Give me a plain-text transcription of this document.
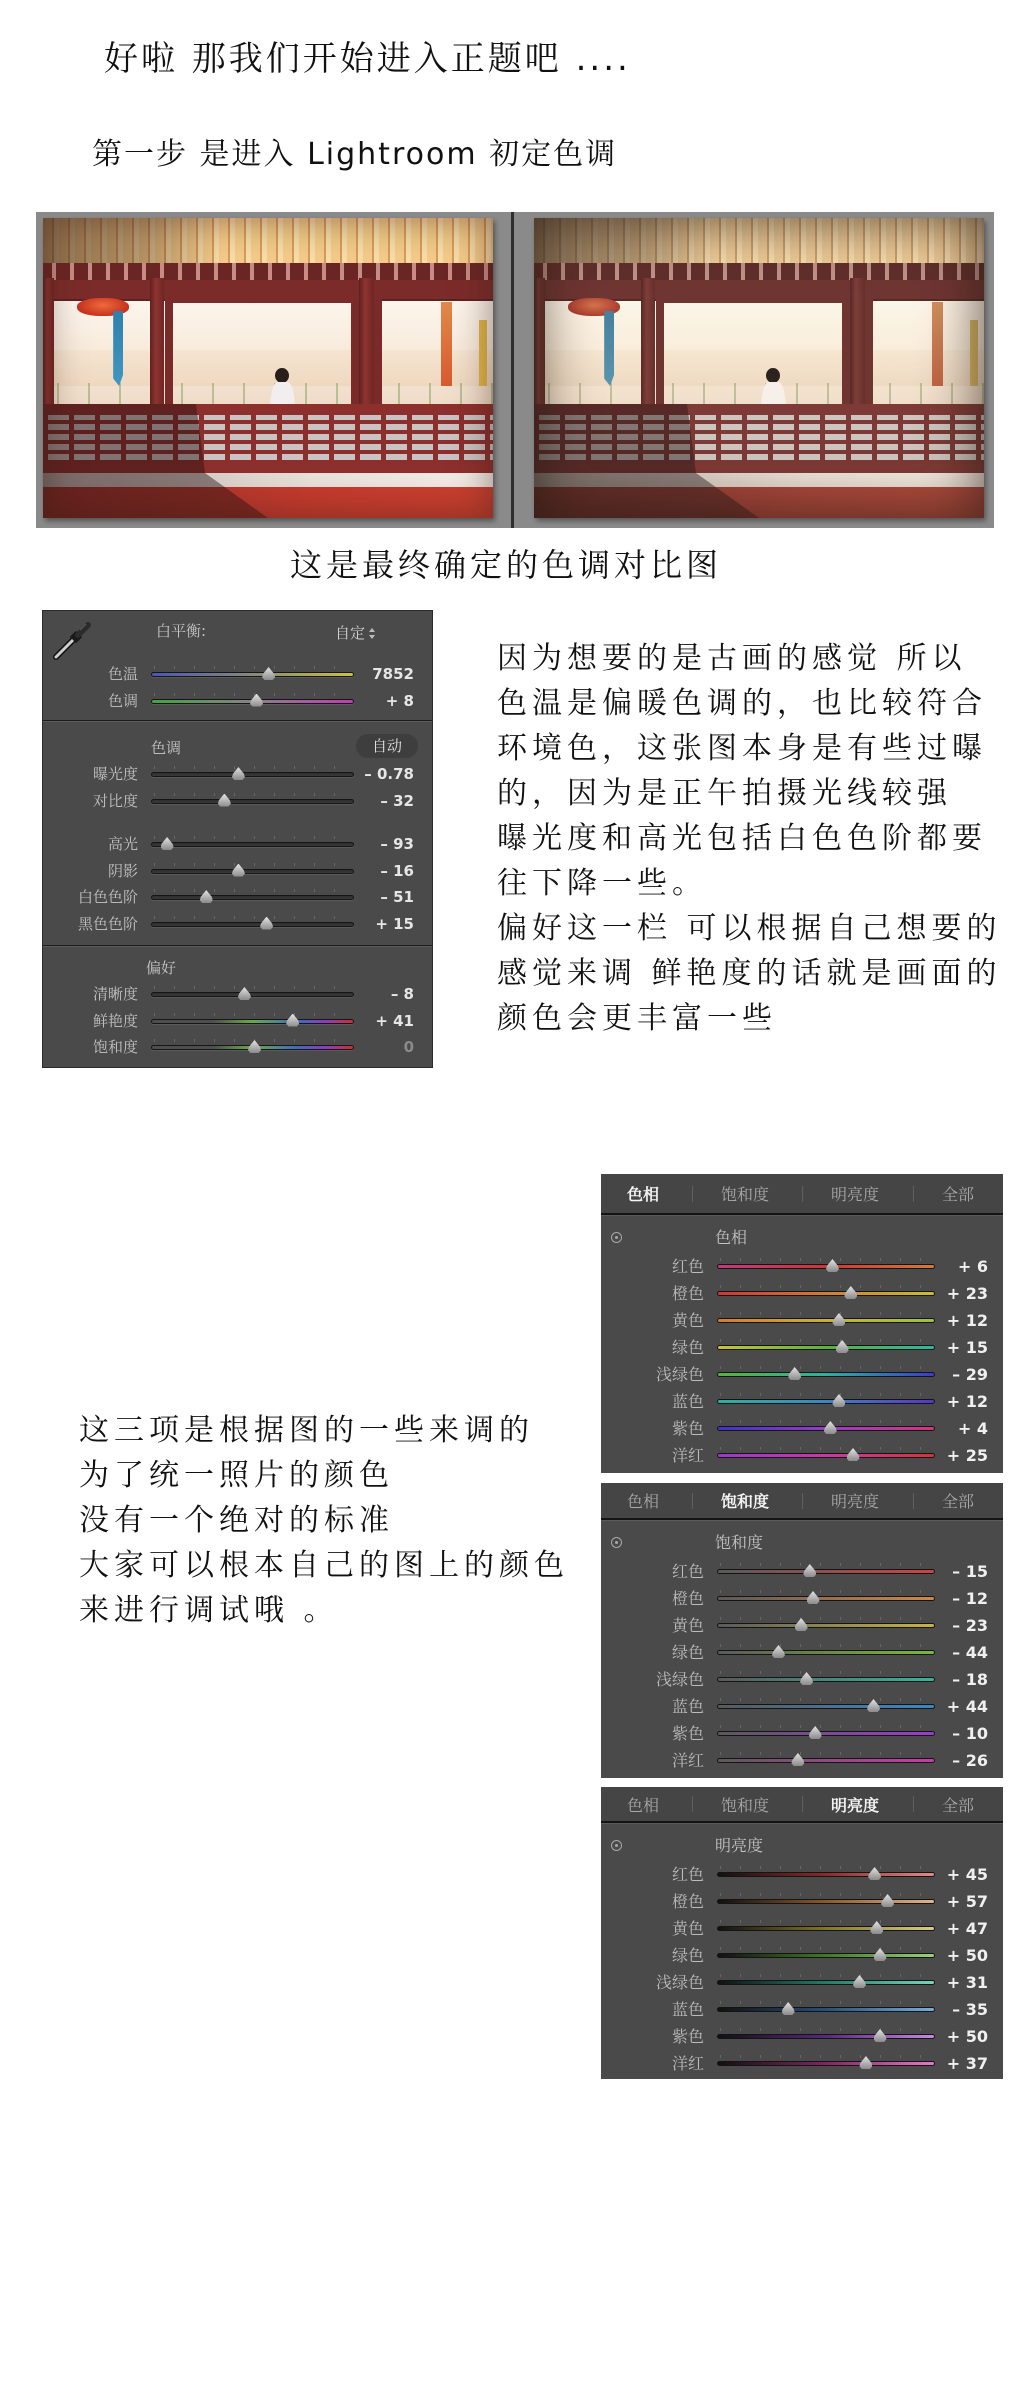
好啦 那我们开始进入正题吧 ....
第一步 是进入 Lightroom 初定色调
这是最终确定的色调对比图
白平衡:	自定
色温	7852
色调	+ 8
色调	自动
曝光度	– 0.78
对比度	– 32
高光	– 93
阴影	– 16
白色色阶	– 51
黑色色阶	+ 15
偏好
清晰度	– 8
鲜艳度	+ 41
饱和度	0
因为想要的是古画的感觉 所以
色温是偏暖色调的，也比较符合
环境色，这张图本身是有些过曝
的，因为是正午拍摄光线较强
曝光度和高光包括白色色阶都要
往下降一些。
偏好这一栏 可以根据自己想要的
感觉来调 鲜艳度的话就是画面的
颜色会更丰富一些
这三项是根据图的一些来调的
为了统一照片的颜色
没有一个绝对的标准
大家可以根本自己的图上的颜色
来进行调试哦 。
色相	饱和度	明亮度	全部
色相
红色	+ 6
橙色	+ 23
黄色	+ 12
绿色	+ 15
浅绿色	– 29
蓝色	+ 12
紫色	+ 4
洋红	+ 25
色相	饱和度	明亮度	全部
饱和度
红色	– 15
橙色	– 12
黄色	– 23
绿色	– 44
浅绿色	– 18
蓝色	+ 44
紫色	– 10
洋红	– 26
色相	饱和度	明亮度	全部
明亮度
红色	+ 45
橙色	+ 57
黄色	+ 47
绿色	+ 50
浅绿色	+ 31
蓝色	– 35
紫色	+ 50
洋红	+ 37
